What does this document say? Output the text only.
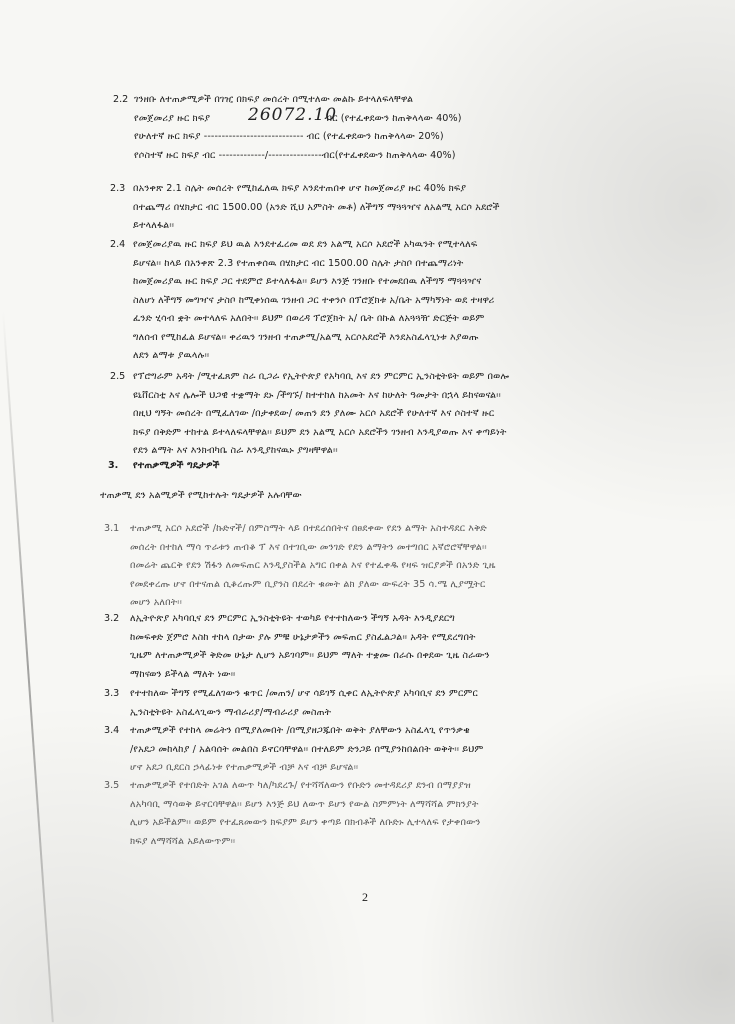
2.2 ገንዘቡ ለተጠቃሚዎች በገዢ በክፍያ መሰረት በሚተለው መልኩ ይተላለፍላቸዋል
የመጀመሪያ ዙር ክፍያ	ብር (የተፈቀደውን ከጠቅላላው 40%)
የሁለተኛ ዙር ክፍያ ---------------------------- ብር (የተፈቀደውን ከጠቅላላው 20%)
የሶስተኛ ዙር ክፍያ ብር -------------/---------------ብር(የተፈቀደውን ከጠቅላላው 40%)
26072.10
2.3 በአንቀጽ 2.1 ስሌት መሰረት የሚከፈለዉ ክፍያ እንደተጠበቀ ሆኖ ከመጀመሪያ ዙር 40% ክፍያ
በተጨማሪ በሄክታር ብር 1500.00 (አንድ ሺህ አምስት መቶ) ለችግኝ ማጓጓዣና ለአልሚ አርሶ አደሮች
ይተላለፋል፡፡
2.4 የመጀመሪያዉ ዙር ክፍያ ይህ ዉል እንደተፈረመ ወደ ደን አልሚ አርሶ አደሮች አካዉንት የሚተላለፍ
ይሆናል፡፡ ከላይ በአንቀጽ 2.3 የተጠቀሰዉ በሄክታር ብር 1500.00 ስሌት ታስቦ በተጨማሪነት
ከመጀመሪያዉ ዙር ክፍያ ጋር ተደምሮ ይተላለፋል፡፡ ይሆን እንጅ ገንዘቡ የተመደበዉ ለችግኝ ማጓጓዣና
ስለሆነ ለችግኝ መግዣና ታስቦ ከሚቀነሰዉ ገንዘብ ጋር ተቀንሶ በፕሮጀክቱ አ/ቤት አማካኝነት ወደ ተዛዋሪ
ፈንድ ሂሳብ ቋት መተላለፍ አለበት፡፡ ይህም በወረዳ ፕሮጀክት አ/ ቤት በኩል ለአጓጓዥ ድርጅት ወይም
ግለሰብ የሚከፈል ይሆናል፡፡ ቀሪዉን ገንዘብ ተጠቃሚ/አልሚ አርሶአደሮች እንደአስፈላጊነቱ እያወጡ
ለደን ልማቱ ያዉላሉ፡፡
2.5 የፕሮግራም አዳት /ሚተፈጸም ስራ ቢጋራ የኢትዮጵያ የአካባቢ እና ደን ምርምር ኢንስቲትዩት ወይም በወሎ
ዩኒቨርስቲ እና ሌሎች ህጋዊ ተቋማት ደኑ /ችግኙ/ ከተተከለ ከአመት እና ከሁለት ዓመታት በኋላ ይከናወናል፡፡
በዚህ ግኝት መሰረት በሚፈለገው /በታቀደው/ መጠን ደን ያለሙ አርሶ አደሮች የሁለተኛ እና ሶስተኛ ዙር
ክፍያ በቅድም ተከተል ይተላለፍላቸዋል፡፡ ይህም ደን አልሚ አርሶ አደሮችን ገንዘብ እንዲያወጡ እና ቀጣይነት
የደን ልማት እና እንክብካቤ ስራ እንዲያከናዉኑ ያግዛቸዋል፡፡
3. የተጠቃሚዎች ግዴታዎች
ተጠቃሚ ደን አልሚዎች የሚከተሉት ግዴታዎች አሉባቸው
3.1 ተጠቃሚ አርሶ አደሮች /ኩድኖች/ በምስማት ላይ በተደረሰበትና በፀደቀው የደን ልማት አስተዳደር እቅድ
መሰረት በተከለ ማሳ ጥራቱን ጠብቆ ፕ እና በተገቢው መንገድ የደን ልማትን መተግበር አኛሮሮኛቸዋል፡፡
በመሬት ጨርቅ የደን ሽፋን ለመፍጠር እንዲያስችል አግር በቀል እና የተፈቀዱ የዛፍ ዝርያዎች በአንድ ጊዜ
የመደቀረጡ ሆኖ በተናጠል ሲቆረጡም ቢያንስ በደረት ቁመት ልክ ያለው ውፍረት 35 ሳ.ሜ ሊያሟትር
መሆን አለበት፡፡
3.2 ለኢትዮጵያ አካባቢና ደን ምርምር ኢንስቲትዩት ተወካይ የተተከለውን ችግኝ አዳት እንዲያደርግ
ከመፍቀድ ጀምሮ እስከ ተከላ በታው ያሉ ምቹ ሁኔታዎችን መፍጠር ያስፈልጋል፡፡ አዳት የሚደረግበት
ጊዜም ለተጠቃሚዎች ቅድመ ሁኔታ ሊሆን አይገባም፡፡ ይህም ማለት ተቋሙ በራሱ በቀደው ጊዜ ስራውን
ማከናወን ይችላል ማለት ነው፡፡
3.3 የተተከለው ችግኝ የሚፈለገውን ቁጥር /መጠን/ ሆኖ ሳይገኝ ሲቀር ለኢትዮጵያ አካባቢና ደን ምርምር
ኢንስቲትዩት አስፈላጊውን ማብራሪያ/ማብራሪያ መስጠት
3.4 ተጠቃሚዎች የተከላ መሬትን በሚያለመበት /በሚያዘጋጁበት ወቅት ያለቸውን አስፈላጊ የጥንቃቄ
/የአደጋ መከላከያ / አልባሰት መልበስ ይኖርባቸዋል፡፡ በተለይም ድንጋይ በሚያንከበልበት ወቅት፡፡ ይህም
ሆኖ አደጋ ቢደርስ ኃላፊነቱ የተጠቃሚዎች ብቻ እና ብቻ ይሆናል፡፡
3.5 ተጠቃሚዎች የተበድት አገል ለውጥ ካለ/ካደረጉ/ የተሻሻለውን የቡድን መተዳደሪያ ደንብ በማያያዝ
ለአካባቢ ማሳወቅ ይኖርባቸዋል፡፡ ይሆን እንጅ ይህ ለውጥ ይሆን የውል ስምምነት ለማሻሻል ምክንያት
ሊሆን አይችልም፡፡ ወይም የተፈጸመውን ክፍያም ይሆን ቀጣይ በክብቶች ለቡድኑ ሊተላለፍ የታቀበውን
ክፍያ ለማሻሻል አይለውጥም፡፡
2
